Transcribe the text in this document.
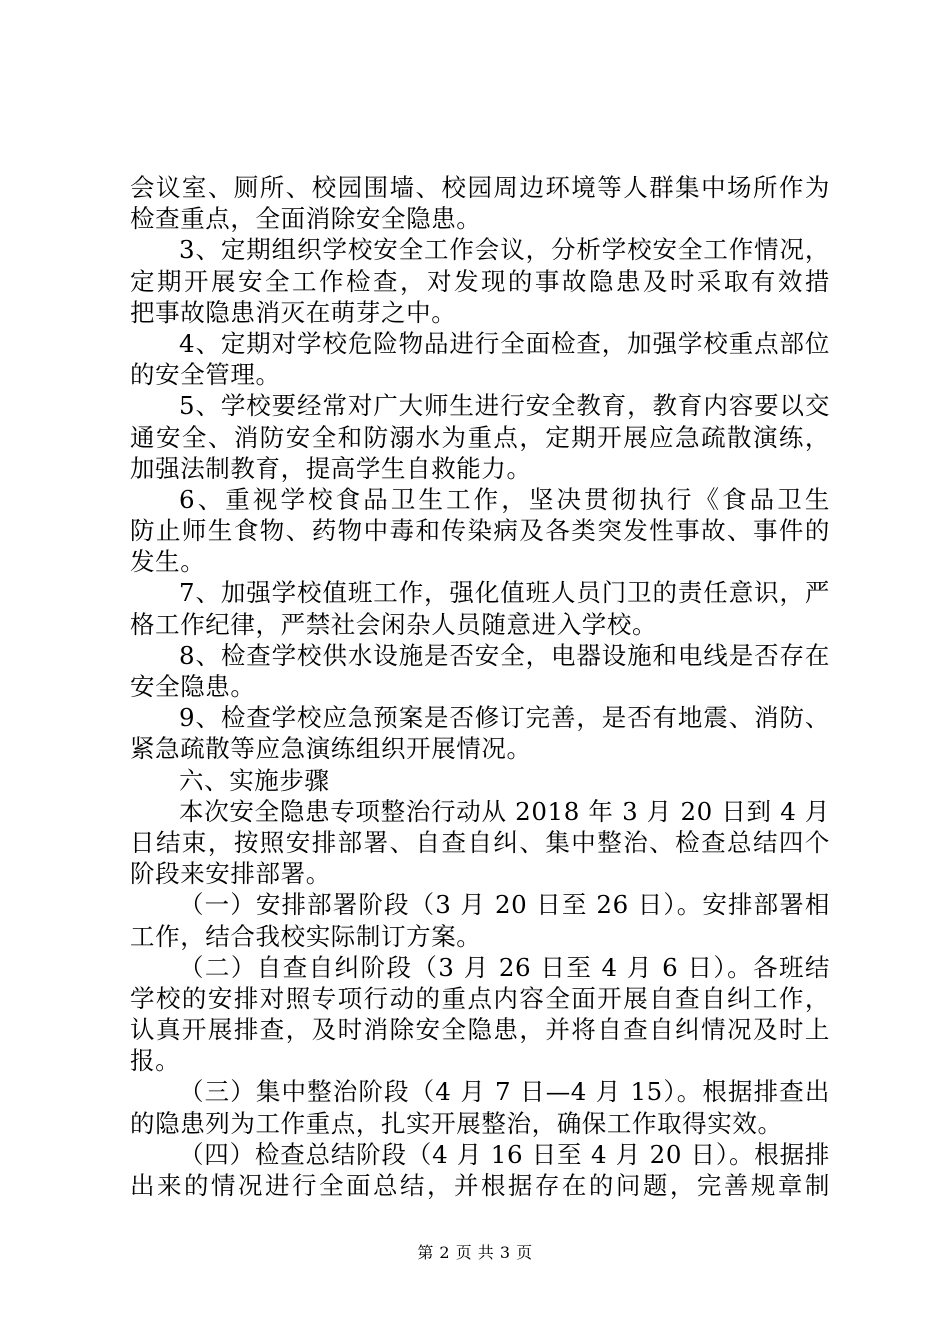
会议室、厕所、校园围墙、校园周边环境等人群集中场所作为
检查重点，全面消除安全隐患。
3、定期组织学校安全工作会议，分析学校安全工作情况，
定期开展安全工作检查，对发现的事故隐患及时采取有效措
把事故隐患消灭在萌芽之中。
4、定期对学校危险物品进行全面检查，加强学校重点部位
的安全管理。
5、学校要经常对广大师生进行安全教育，教育内容要以交
通安全、消防安全和防溺水为重点，定期开展应急疏散演练，
加强法制教育，提高学生自救能力。
6、重视学校食品卫生工作，坚决贯彻执行《食品卫生
防止师生食物、药物中毒和传染病及各类突发性事故、事件的
发生。
7、加强学校值班工作，强化值班人员门卫的责任意识，严
格工作纪律，严禁社会闲杂人员随意进入学校。
8、检查学校供水设施是否安全，电器设施和电线是否存在
安全隐患。
9、检查学校应急预案是否修订完善，是否有地震、消防、
紧急疏散等应急演练组织开展情况。
六、实施步骤
本次安全隐患专项整治行动从 2018 年 3 月 20 日到 4 月
日结束，按照安排部署、自查自纠、集中整治、检查总结四个
阶段来安排部署。
（一）安排部署阶段（3 月 20 日至 26 日）。安排部署相
工作，结合我校实际制订方案。
（二）自查自纠阶段（3 月 26 日至 4 月 6 日）。各班结
学校的安排对照专项行动的重点内容全面开展自查自纠工作，
认真开展排查，及时消除安全隐患，并将自查自纠情况及时上
报。
（三）集中整治阶段（4 月 7 日—4 月 15）。根据排查出
的隐患列为工作重点，扎实开展整治，确保工作取得实效。
（四）检查总结阶段（4 月 16 日至 4 月 20 日）。根据排
出来的情况进行全面总结，并根据存在的问题，完善规章制
第 2 页 共 3 页
